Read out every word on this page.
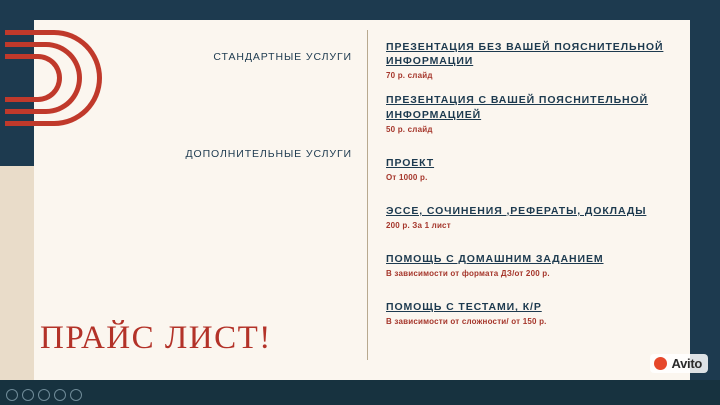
СТАНДАРТНЫЕ УСЛУГИ
ДОПОЛНИТЕЛЬНЫЕ УСЛУГИ
ПРАЙС ЛИСТ!
ПРЕЗЕНТАЦИЯ БЕЗ ВАШЕЙ ПОЯСНИТЕЛЬНОЙ ИНФОРМАЦИИ
70 р. слайд
ПРЕЗЕНТАЦИЯ С ВАШЕЙ ПОЯСНИТЕЛЬНОЙ ИНФОРМАЦИЕЙ
50 р. слайд
ПРОЕКТ
От 1000 р.
ЭССЕ, СОЧИНЕНИЯ ,РЕФЕРАТЫ, ДОКЛАДЫ
200 р. За 1 лист
ПОМОЩЬ С ДОМАШНИМ ЗАДАНИЕМ
В зависимости от формата ДЗ/от 200 р.
ПОМОЩЬ С ТЕСТАМИ, К/Р
В зависимости от сложности/ от 150 р.
Avito
